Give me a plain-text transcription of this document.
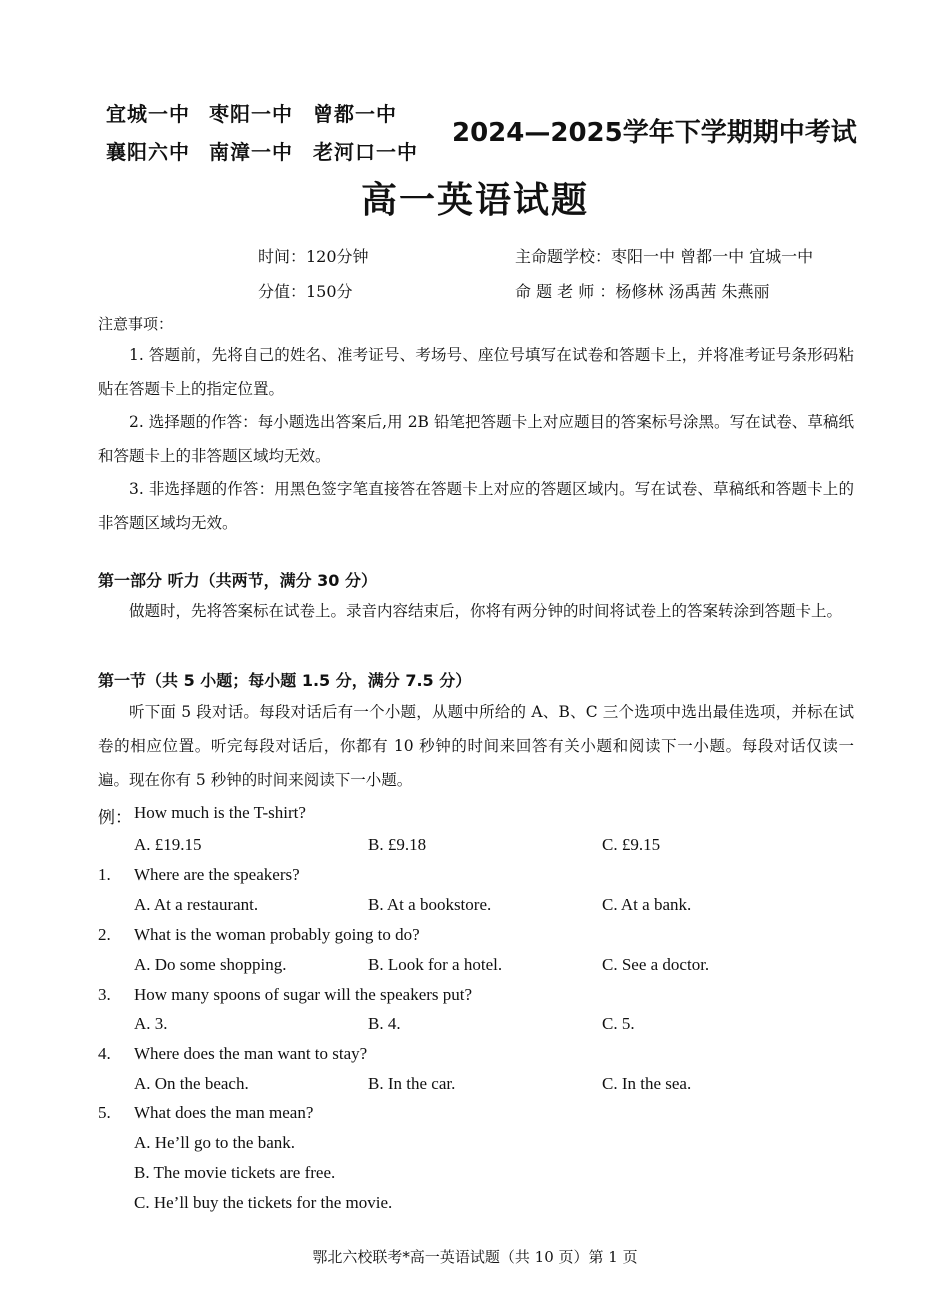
宜城一中 枣阳一中 曾都一中
襄阳六中 南漳一中 老河口一中
2024—2025学年下学期期中考试
高一英语试题
时间：120分钟
分值：150分
主命题学校：枣阳一中 曾都一中 宜城一中
命 题 老 师 ：杨修林 汤禹茜 朱燕丽
注意事项：
1. 答题前，先将自己的姓名、准考证号、考场号、座位号填写在试卷和答题卡上，并将准考证号条形码粘贴在答题卡上的指定位置。
2. 选择题的作答：每小题选出答案后,用 2B 铅笔把答题卡上对应题目的答案标号涂黑。写在试卷、草稿纸和答题卡上的非答题区域均无效。
3. 非选择题的作答：用黑色签字笔直接答在答题卡上对应的答题区域内。写在试卷、草稿纸和答题卡上的非答题区域均无效。
第一部分 听力（共两节，满分 30 分）
做题时，先将答案标在试卷上。录音内容结束后，你将有两分钟的时间将试卷上的答案转涂到答题卡上。
第一节（共 5 小题；每小题 1.5 分，满分 7.5 分）
听下面 5 段对话。每段对话后有一个小题，从题中所给的 A、B、C 三个选项中选出最佳选项，并标在试卷的相应位置。听完每段对话后，你都有 10 秒钟的时间来回答有关小题和阅读下一小题。每段对话仅读一遍。现在你有 5 秒钟的时间来阅读下一小题。
例： How much is the T-shirt?
A. £19.15	B. £9.18	C. £9.15
1. Where are the speakers?
A. At a restaurant.	B. At a bookstore.	C. At a bank.
2. What is the woman probably going to do?
A. Do some shopping.	B. Look for a hotel.	C. See a doctor.
3. How many spoons of sugar will the speakers put?
A. 3.	B. 4.	C. 5.
4. Where does the man want to stay?
A. On the beach.	B. In the car.	C. In the sea.
5. What does the man mean?
A. He’ll go to the bank.
B. The movie tickets are free.
C. He’ll buy the tickets for the movie.
鄂北六校联考*高一英语试题（共 10 页）第 1 页
